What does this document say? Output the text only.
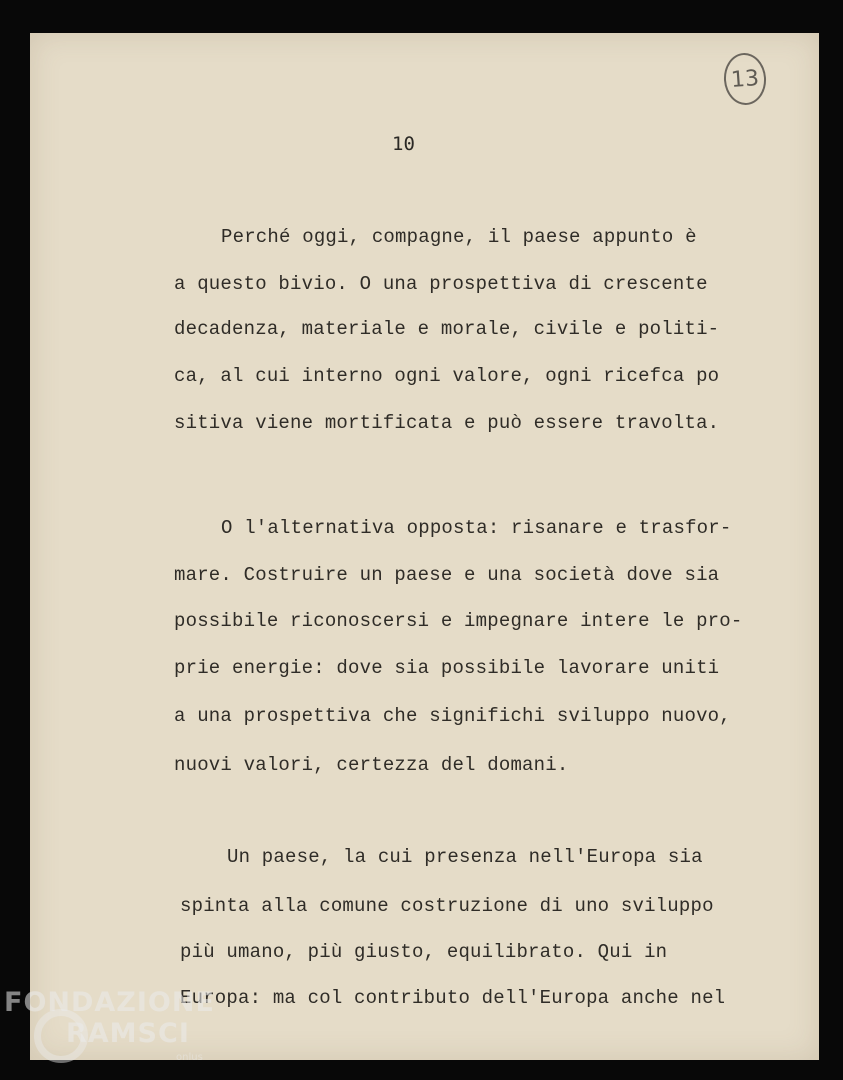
13
10
Perché oggi, compagne, il paese appunto è
a questo bivio. O una prospettiva di crescente
decadenza, materiale e morale, civile e politi-
ca, al cui interno ogni valore, ogni ricefca po
sitiva viene mortificata e può essere travolta.
O l'alternativa opposta: risanare e trasfor-
mare. Costruire un paese e una società dove sia
possibile riconoscersi e impegnare intere le pro-
prie energie: dove sia possibile lavorare uniti
a una prospettiva che significhi sviluppo nuovo,
nuovi valori, certezza del domani.
Un paese, la cui presenza nell'Europa sia
spinta alla comune costruzione di uno sviluppo
più umano, più giusto, equilibrato. Qui in
Europa: ma col contributo dell'Europa anche nel
FONDAZIONE
RAMSCI
onlus
